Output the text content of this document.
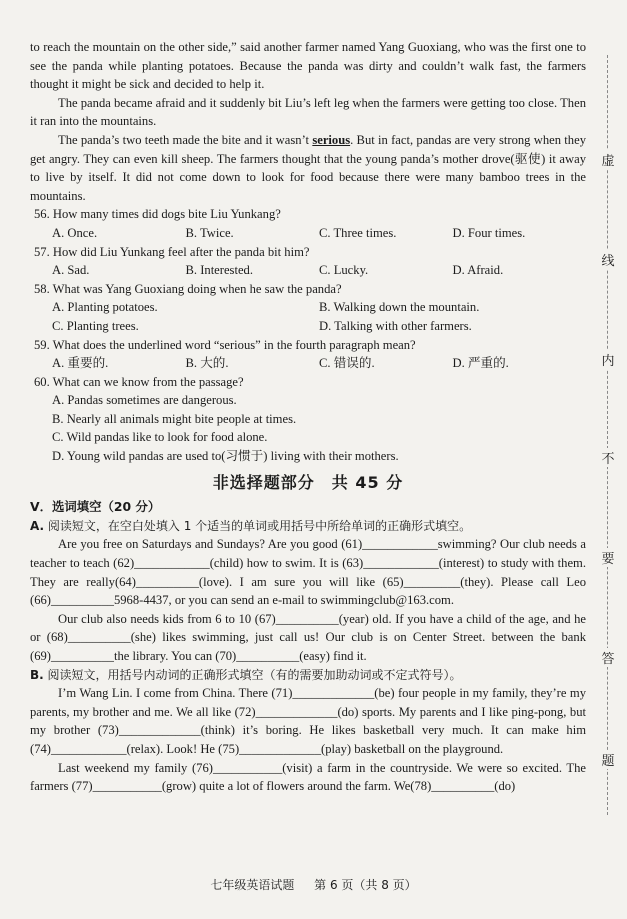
to reach the mountain on the other side,” said another farmer named Yang Guoxiang, who was the first one to see the panda while planting potatoes. Because the panda was dirty and couldn’t walk fast, the farmers thought it might be sick and decided to help it.

The panda became afraid and it suddenly bit Liu’s left leg when the farmers were getting too close. Then it ran into the mountains.

The panda’s two teeth made the bite and it wasn’t serious. But in fact, pandas are very strong when they get angry. They can even kill sheep. The farmers thought that the young panda’s mother drove(驱使) it away to live by itself. It did not come down to look for food because there were many bamboo trees in the mountains.

56. How many times did dogs bite Liu Yunkang?

A. Once.	B. Twice.	C. Three times.	D. Four times.

57. How did Liu Yunkang feel after the panda bit him?

A. Sad.	B. Interested.	C. Lucky.	D. Afraid.

58. What was Yang Guoxiang doing when he saw the panda?

A. Planting potatoes.	B. Walking down the mountain.
C. Planting trees.	D. Talking with other farmers.

59. What does the underlined word “serious” in the fourth paragraph mean?

A. 重要的.	B. 大的.	C. 错误的.	D. 严重的.

60. What can we know from the passage?

A. Pandas sometimes are dangerous.

B. Nearly all animals might bite people at times.

C. Wild pandas like to look for food alone.

D. Young wild pandas are used to(习惯于) living with their mothers.

非选择题部分　共 45 分

V．选词填空（20 分）

A. 阅读短文，在空白处填入 1 个适当的单词或用括号中所给单词的正确形式填空。

Are you free on Saturdays and Sundays? Are you good (61)____________swimming? Our club needs a teacher to teach (62)____________(child) how to swim. It is (63)____________(interest) to study with them. They are really(64)__________(love). I am sure you will like (65)_________(they). Please call Leo (66)__________5968-4437, or you can send an e-mail to swimmingclub@163.com.

Our club also needs kids from 6 to 10 (67)__________(year) old. If you have a child of the age, and he or (68)__________(she) likes swimming, just call us! Our club is on Center Street. between the bank (69)__________the library. You can (70)__________(easy) find it.

B. 阅读短文，用括号内动词的正确形式填空（有的需要加助动词或不定式符号）。

I’m Wang Lin. I come from China. There (71)_____________(be) four people in my family, they’re my parents, my brother and me. We all like (72)_____________(do) sports. My parents and I like ping-pong, but my brother (73)_____________(think) it’s boring. He likes basketball very much. It can make him (74)____________(relax). Look! He (75)_____________(play) basketball on the playground.

Last weekend my family (76)___________(visit) a farm in the countryside. We were so excited. The farmers (77)___________(grow) quite a lot of flowers around the farm. We(78)__________(do)

虚
线
内
不
要
答
题
七年级英语试题 第 6 页（共 8 页）
